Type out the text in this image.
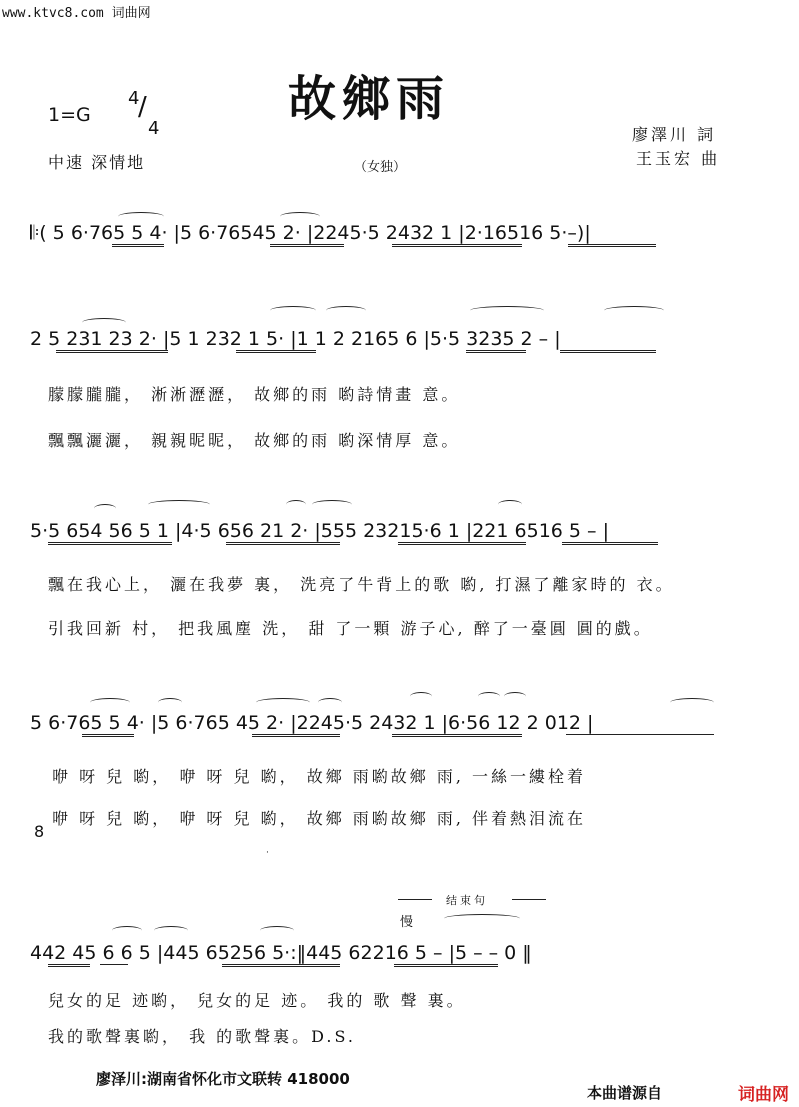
www.ktvc8.com 词曲网
故鄉雨
1=G
4
/
4
中速 深情地	（女独）
廖澤川 詞
王玉宏 曲
𝄆( 5 6·765 5 4· |5 6·76545 2· |2245·5 2432 1 |2·16516 5·–)|
2 5 231 23 2· |5 1 232 1 5· |1 1 2 2165 6 |5·5 3235 2 – |
朦朦朧朧， 淅淅瀝瀝， 故鄉的雨 喲詩情畫 意。
飄飄灑灑， 親親昵昵， 故鄉的雨 喲深情厚 意。
5·5 654 56 5 1 |4·5 656 21 2· |555 23215·6 1 |221 6516 5 – |
飄在我心上， 灑在我夢 裏， 洗亮了牛背上的歌 喲, 打濕了離家時的 衣。
引我回新 村， 把我風塵 洗， 甜 了一顆 游子心, 醉了一臺圓 圓的戲。
5 6·765 5 4· |5 6·765 45 2· |2245·5 2432 1 |6·56 12 2 012 |
咿 呀 兒 喲， 咿 呀 兒 喲， 故鄉 雨喲故鄉 雨, 一絲一縷栓着
咿 呀 兒 喲， 咿 呀 兒 喲， 故鄉 雨喲故鄉 雨, 伴着熱泪流在
8
·
结束句
慢
442 45 6 6 5 |445 65256 5·:‖445 62216 5 – |5 – – 0 ‖
兒女的足 迹喲， 兒女的足 迹。 我的 歌 聲 裏。
我的歌聲裏喲， 我 的歌聲裏。D.S.
廖泽川:湖南省怀化市文联转 418000
本曲谱源自	词曲网
